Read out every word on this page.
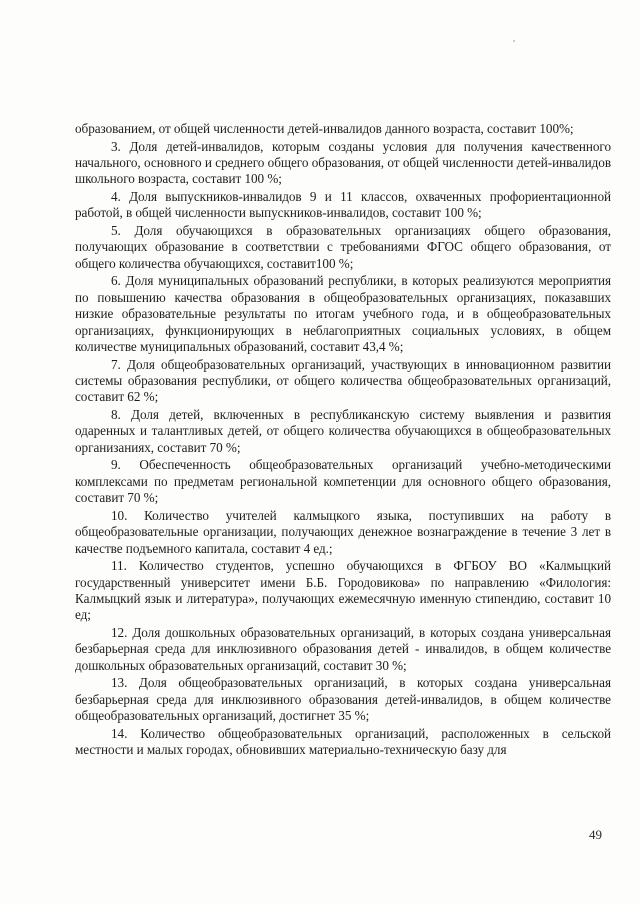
образованием, от общей численности детей-инвалидов данного возраста, составит 100%;

3. Доля детей-инвалидов, которым созданы условия для получения качественного начального, основного и среднего общего образования, от общей численности детей-инвалидов школьного возраста, составит 100 %;

4. Доля выпускников-инвалидов 9 и 11 классов, охваченных профориентационной работой, в общей численности выпускников-инвалидов, составит 100 %;

5. Доля обучающихся в образовательных организациях общего образования, получающих образование в соответствии с требованиями ФГОС общего образования, от общего количества обучающихся, составит100 %;

6. Доля муниципальных образований республики, в которых реализуются мероприятия по повышению качества образования в общеобразовательных организациях, показавших низкие образовательные результаты по итогам учебного года, и в общеобразовательных организациях, функционирующих в неблагоприятных социальных условиях, в общем количестве муниципальных образований, составит 43,4 %;

7. Доля общеобразовательных организаций, участвующих в инновационном развитии системы образования республики, от общего количества общеобразовательных организаций, составит 62 %;

8. Доля детей, включенных в республиканскую систему выявления и развития одаренных и талантливых детей, от общего количества обучающихся в общеобразовательных организаниях, составит 70 %;

9. Обеспеченность общеобразовательных организаций учебно-методическими комплексами по предметам региональной компетенции для основного общего образования, составит 70 %;

10. Количество учителей калмыцкого языка, поступивших на работу в общеобразовательные организации, получающих денежное вознаграждение в течение 3 лет в качестве подъемного капитала, составит 4 ед.;

11. Количество студентов, успешно обучающихся в ФГБОУ ВО «Калмыцкий государственный университет имени Б.Б. Городовикова» по направлению «Филология: Калмыцкий язык и литература», получающих ежемесячную именную стипендию, составит 10 ед;

12. Доля дошкольных образовательных организаций, в которых создана универсальная безбарьерная среда для инклюзивного образования детей - инвалидов, в общем количестве дошкольных образовательных организаций, составит 30 %;

13. Доля общеобразовательных организаций, в которых создана универсальная безбарьерная среда для инклюзивного образования детей-инвалидов, в общем количестве общеобразовательных организаций, достигнет 35 %;

14. Количество общеобразовательных организаций, расположенных в сельской местности и малых городах, обновивших материально-техническую базу для

49
